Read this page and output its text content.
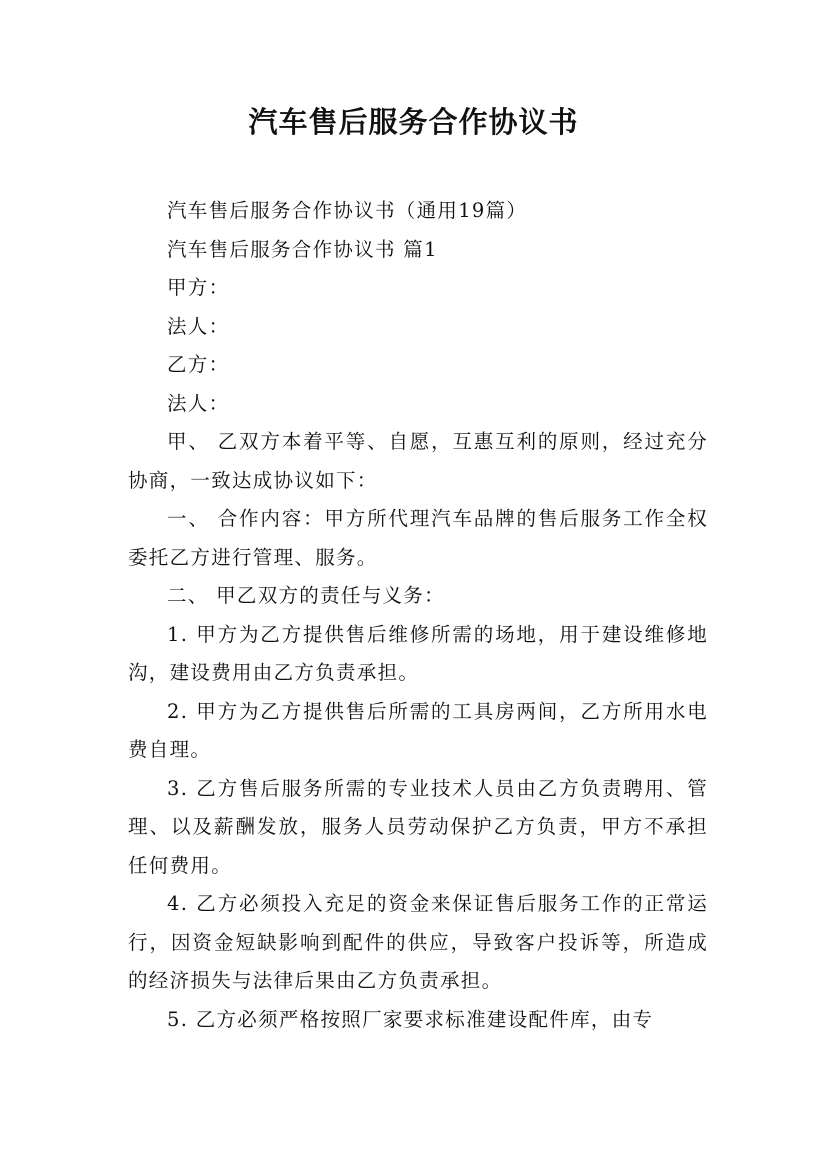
汽车售后服务合作协议书

汽车售后服务合作协议书（通用19篇）

汽车售后服务合作协议书 篇1

甲方：

法人：

乙方：

法人：

甲、 乙双方本着平等、自愿，互惠互利的原则，经过充分协商，一致达成协议如下：

一、 合作内容：甲方所代理汽车品牌的售后服务工作全权委托乙方进行管理、服务。

二、 甲乙双方的责任与义务：

1. 甲方为乙方提供售后维修所需的场地，用于建设维修地沟，建设费用由乙方负责承担。

2. 甲方为乙方提供售后所需的工具房两间，乙方所用水电费自理。

3. 乙方售后服务所需的专业技术人员由乙方负责聘用、管理、以及薪酬发放，服务人员劳动保护乙方负责，甲方不承担任何费用。

4. 乙方必须投入充足的资金来保证售后服务工作的正常运行，因资金短缺影响到配件的供应，导致客户投诉等，所造成的经济损失与法律后果由乙方负责承担。

5. 乙方必须严格按照厂家要求标准建设配件库，由专
